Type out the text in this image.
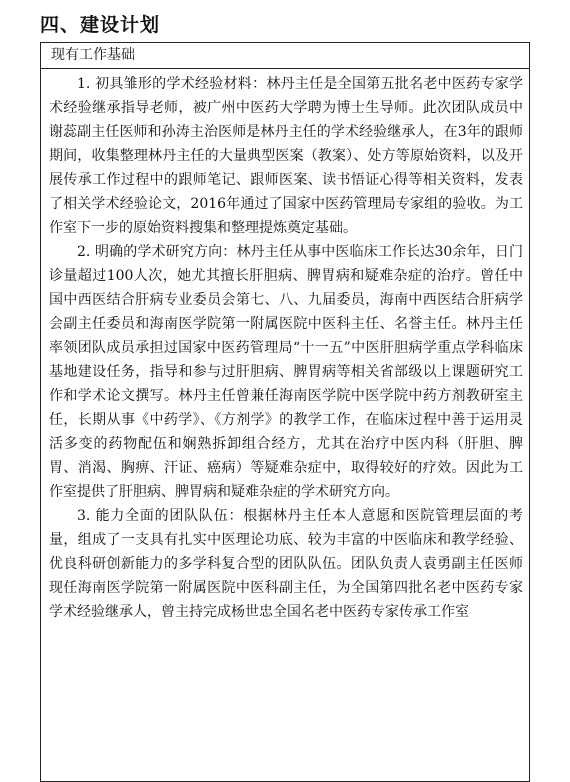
四、建设计划
现有工作基础

1. 初具雏形的学术经验材料：林丹主任是全国第五批名老中医药专家学术经验继承指导老师，被广州中医药大学聘为博士生导师。此次团队成员中谢蕊副主任医师和孙涛主治医师是林丹主任的学术经验继承人，在3年的跟师期间，收集整理林丹主任的大量典型医案（教案）、处方等原始资料，以及开展传承工作过程中的跟师笔记、跟师医案、读书悟证心得等相关资料，发表了相关学术经验论文，2016年通过了国家中医药管理局专家组的验收。为工作室下一步的原始资料搜集和整理提炼奠定基础。

2. 明确的学术研究方向：林丹主任从事中医临床工作长达30余年，日门诊量超过100人次，她尤其擅长肝胆病、脾胃病和疑难杂症的治疗。曾任中国中西医结合肝病专业委员会第七、八、九届委员，海南中西医结合肝病学会副主任委员和海南医学院第一附属医院中医科主任、名誉主任。林丹主任率领团队成员承担过国家中医药管理局“十一五”中医肝胆病学重点学科临床基地建设任务，指导和参与过肝胆病、脾胃病等相关省部级以上课题研究工作和学术论文撰写。林丹主任曾兼任海南医学院中医学院中药方剂教研室主任，长期从事《中药学》、《方剂学》的教学工作，在临床过程中善于运用灵活多变的药物配伍和娴熟拆卸组合经方，尤其在治疗中医内科（肝胆、脾胃、消渴、胸痹、汗证、癌病）等疑难杂症中，取得较好的疗效。因此为工作室提供了肝胆病、脾胃病和疑难杂症的学术研究方向。

3. 能力全面的团队队伍：根据林丹主任本人意愿和医院管理层面的考量，组成了一支具有扎实中医理论功底、较为丰富的中医临床和教学经验、优良科研创新能力的多学科复合型的团队队伍。团队负责人袁勇副主任医师现任海南医学院第一附属医院中医科副主任，为全国第四批名老中医药专家学术经验继承人，曾主持完成杨世忠全国名老中医药专家传承工作室
